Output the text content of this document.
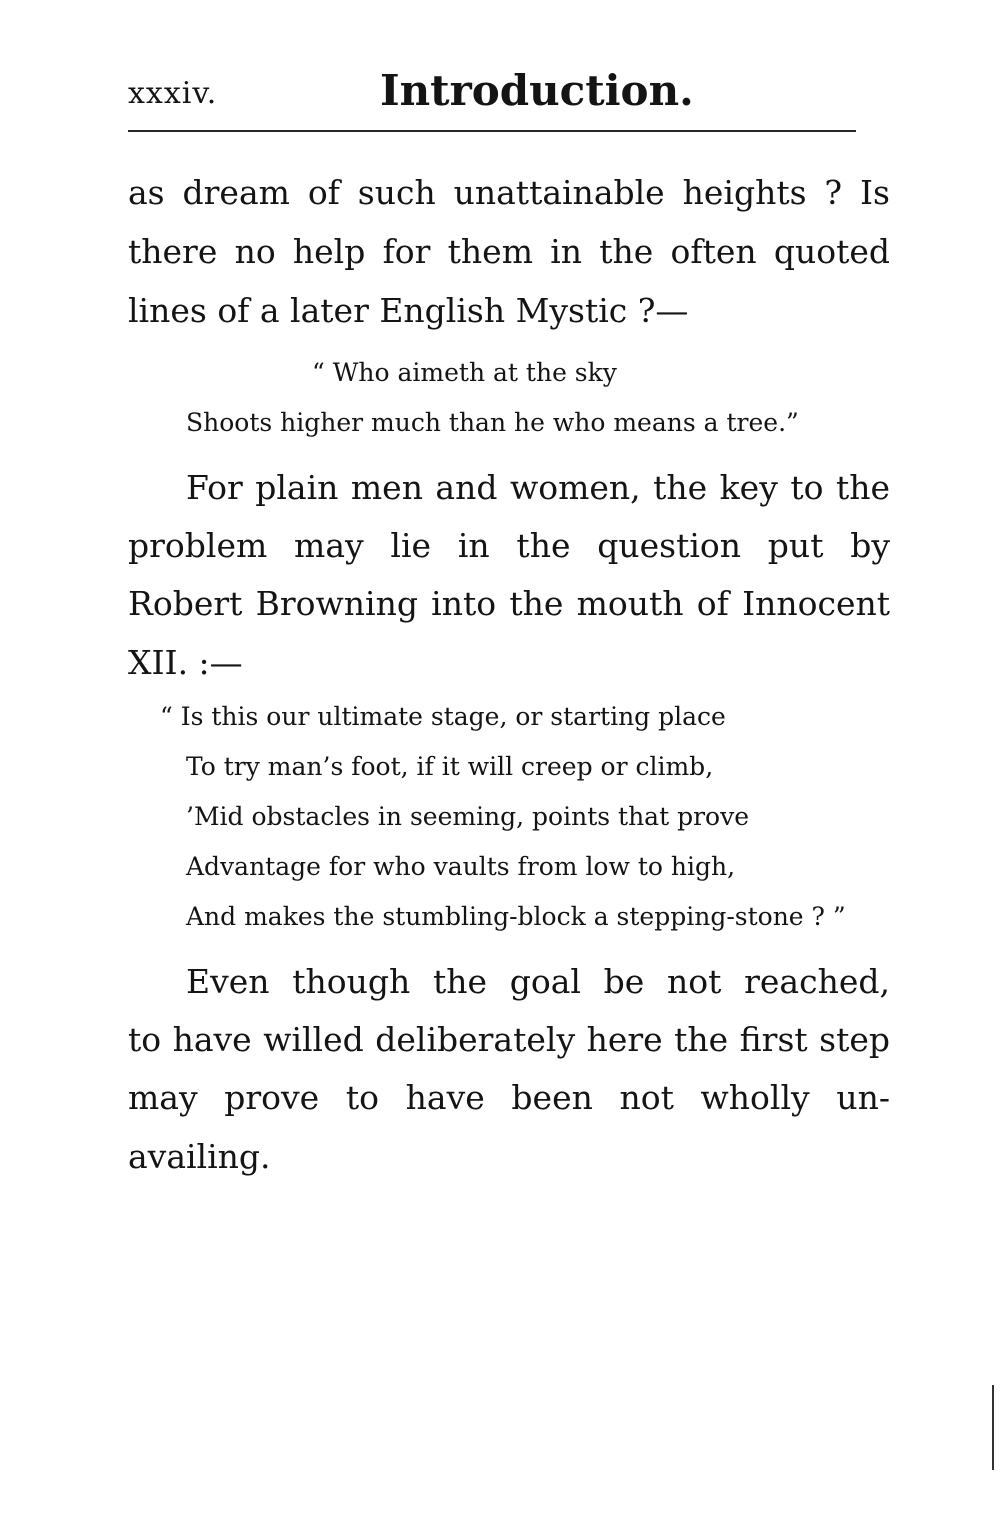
xxxiv.	Introduction.
as dream of such unattainable heights ? Is
there no help for them in the often quoted
lines of a later English Mystic ?—
“ Who aimeth at the sky
Shoots higher much than he who means a tree.”
For plain men and women, the key to the
problem may lie in the question put by
Robert Browning into the mouth of Innocent
XII. :—
“ Is this our ultimate stage, or starting place
To try man’s foot, if it will creep or climb,
’Mid obstacles in seeming, points that prove
Advantage for who vaults from low to high,
And makes the stumbling-block a stepping-stone ? ”
Even though the goal be not reached,
to have willed deliberately here the first step
may prove to have been not wholly un-
availing.
